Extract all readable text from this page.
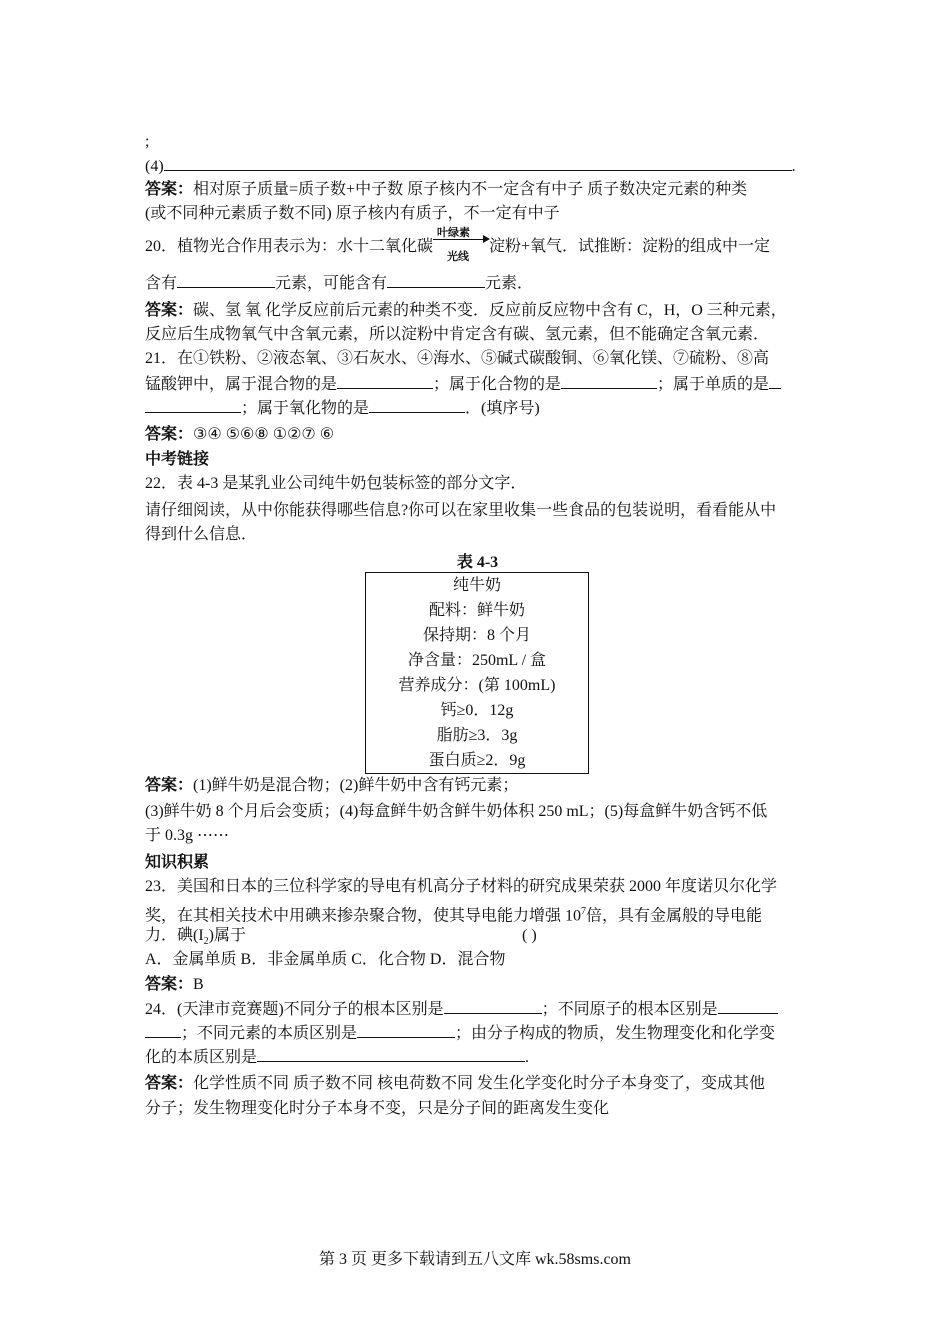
;
(4)	.
答案：相对原子质量=质子数+中子数 原子核内不一定含有中子 质子数决定元素的种类
(或不同种元素质子数不同) 原子核内有质子，不一定有中子
20．植物光合作用表示为：水十二氧化碳
叶绿素
光线
淀粉+氧气．试推断：淀粉的组成中一定
含有	元素，可能含有	元素．
答案：碳、氢 氧 化学反应前后元素的种类不变．反应前反应物中含有 C，H，O 三种元素，
反应后生成物氧气中含氧元素，所以淀粉中肯定含有碳、氢元素，但不能确定含氧元素．
21．在①铁粉、②液态氧、③石灰水、④海水、⑤碱式碳酸铜、⑥氧化镁、⑦硫粉、⑧高
锰酸钾中，属于混合物的是	；属于化合物的是	；属于单质的是
；属于氧化物的是	．(填序号)
答案：③④ ⑤⑥⑧ ①②⑦ ⑥
中考链接
22．表 4-3 是某乳业公司纯牛奶包装标签的部分文字．
请仔细阅读，从中你能获得哪些信息?你可以在家里收集一些食品的包装说明，看看能从中
得到什么信息．
表 4-3
纯牛奶
配料：鲜牛奶
保持期：8 个月
净含量：250mL / 盒
营养成分：(第 100mL)
钙≥0．12g
脂肪≥3．3g
蛋白质≥2．9g
答案：(1)鲜牛奶是混合物；(2)鲜牛奶中含有钙元素；
(3)鲜牛奶 8 个月后会变质；(4)每盒鲜牛奶含鲜牛奶体积 250 mL；(5)每盒鲜牛奶含钙不低
于 0.3g ⋯⋯
知识积累
23．美国和日本的三位科学家的导电有机高分子材料的研究成果荣获 2000 年度诺贝尔化学
奖，在其相关技术中用碘来掺杂聚合物，使其导电能力增强 $10^7$倍，具有金属般的导电能
力．碘$(I_2)$属于	( )
A．金属单质 B．非金属单质 C．化合物 D．混合物
答案：B
24．(天津市竞赛题)不同分子的根本区别是	；不同原子的根本区别是
；不同元素的本质区别是	；由分子构成的物质，发生物理变化和化学变
化的本质区别是	.
答案：化学性质不同 质子数不同 核电荷数不同 发生化学变化时分子本身变了，变成其他
分子；发生物理变化时分子本身不变，只是分子间的距离发生变化
第 3 页 更多下载请到五八文库 wk.58sms.com
